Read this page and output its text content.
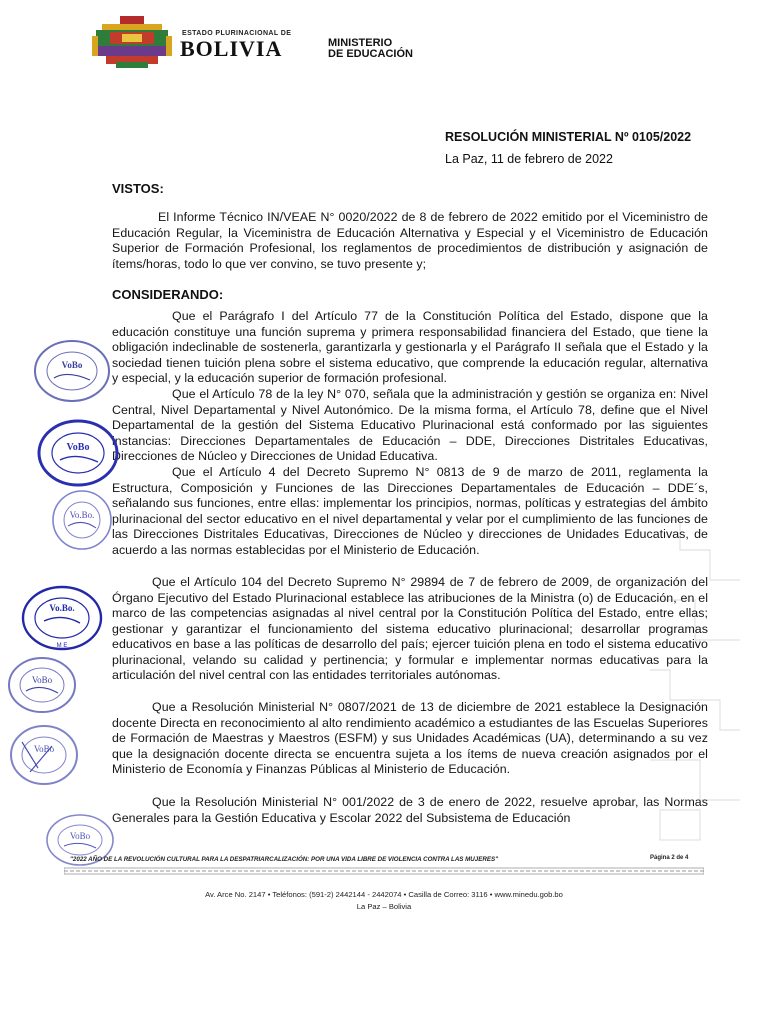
ESTADO PLURINACIONAL DE
BOLIVIA	MINISTERIO
DE EDUCACIÓN
RESOLUCIÓN MINISTERIAL Nº 0105/2022
La Paz, 11 de febrero de 2022
VISTOS:
El Informe Técnico IN/VEAE N° 0020/2022 de 8 de febrero de 2022 emitido por el Viceministro de Educación Regular, la Viceministra de Educación Alternativa y Especial y el Viceministro de Educación Superior de Formación Profesional, los reglamentos de procedimientos de distribución y asignación de ítems/horas, todo lo que ver convino, se tuvo presente y;
CONSIDERANDO:
Que el Parágrafo I del Artículo 77 de la Constitución Política del Estado, dispone que la educación constituye una función suprema y primera responsabilidad financiera del Estado, que tiene la obligación indeclinable de sostenerla, garantizarla y gestionarla y el Parágrafo II señala que el Estado y la sociedad tienen tuición plena sobre el sistema educativo, que comprende la educación regular, alternativa y especial, y la educación superior de formación profesional.
Que el Artículo 78 de la ley N° 070, señala que la administración y gestión se organiza en: Nivel Central, Nivel Departamental y Nivel Autonómico. De la misma forma, el Artículo 78, define que el Nivel Departamental de la gestión del Sistema Educativo Plurinacional está conformado por las siguientes instancias: Direcciones Departamentales de Educación – DDE, Direcciones Distritales Educativas, Direcciones de Núcleo y Direcciones de Unidad Educativa.
Que el Artículo 4 del Decreto Supremo N° 0813 de 9 de marzo de 2011, reglamenta la Estructura, Composición y Funciones de las Direcciones Departamentales de Educación – DDE´s, señalando sus funciones, entre ellas: implementar los principios, normas, políticas y estrategias del ámbito plurinacional del sector educativo en el nivel departamental y velar por el cumplimiento de las funciones de las Direcciones Distritales Educativas, Direcciones de Núcleo y direcciones de Unidades Educativas, de acuerdo a las normas establecidas por el Ministerio de Educación.
Que el Artículo 104 del Decreto Supremo N° 29894 de 7 de febrero de 2009, de organización del Órgano Ejecutivo del Estado Plurinacional establece las atribuciones de la Ministra (o) de Educación, en el marco de las competencias asignadas al nivel central por la Constitución Política del Estado, entre ellas; gestionar y garantizar el funcionamiento del sistema educativo plurinacional; desarrollar programas educativos en base a las políticas de desarrollo del país; ejercer tuición plena en todo el sistema educativo plurinacional, velando su calidad y pertinencia; y formular e implementar normas educativas para la articulación del nivel central con las entidades territoriales autónomas.
Que a Resolución Ministerial N° 0807/2021 de 13 de diciembre de 2021 establece la Designación docente Directa en reconocimiento al alto rendimiento académico a estudiantes de las Escuelas Superiores de Formación de Maestras y Maestros (ESFM) y sus Unidades Académicas (UA), determinando a su vez que la designación docente directa se encuentra sujeta a los ítems de nueva creación asignados por el Ministerio de Economía y Finanzas Públicas al Ministerio de Educación.
Que la Resolución Ministerial N° 001/2022 de 3 de enero de 2022, resuelve aprobar, las Normas Generales para la Gestión Educativa y Escolar 2022 del Subsistema de Educación
VoBo
VoBo
Vo.Bo.
Vo.Bo.
M E
VoBo
VoBo
VoBo
"2022 AÑO DE LA REVOLUCIÓN CULTURAL PARA LA DESPATRIARCALIZACIÓN: POR UNA VIDA LIBRE DE VIOLENCIA CONTRA LAS MUJERES"	Página 2 de 4
Av. Arce No. 2147 • Teléfonos: (591-2) 2442144 - 2442074 • Casilla de Correo: 3116 • www.minedu.gob.bo
La Paz – Bolivia
